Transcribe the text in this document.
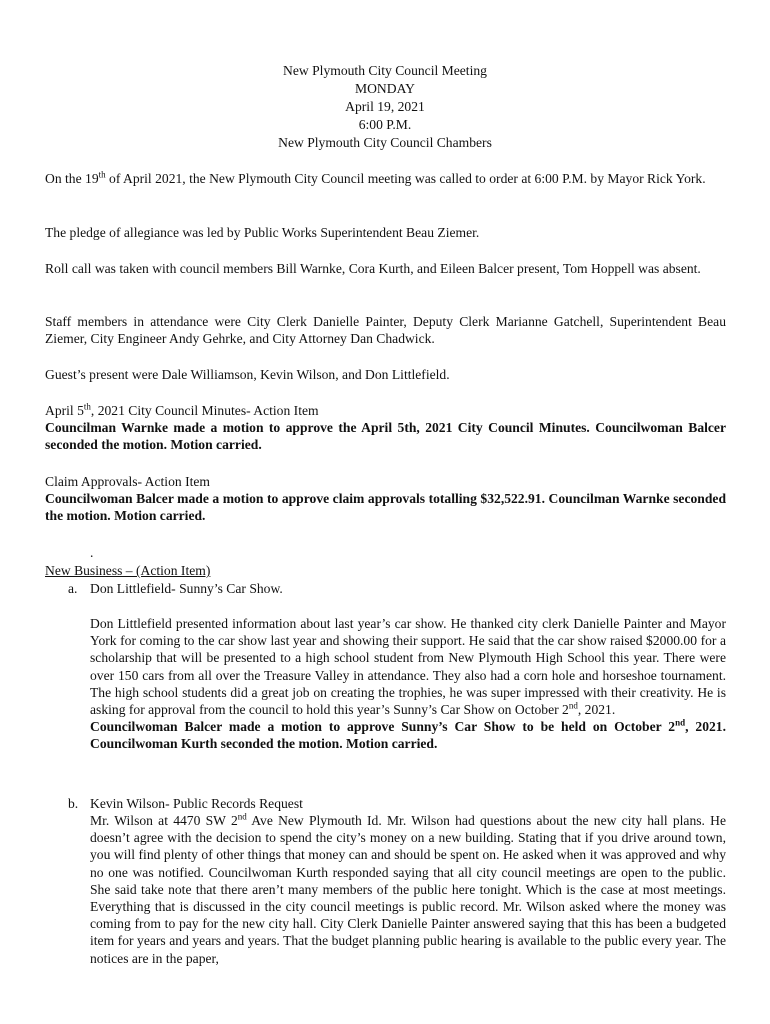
New Plymouth City Council Meeting
MONDAY
April 19, 2021
6:00 P.M.
New Plymouth City Council Chambers
On the 19th of April 2021, the New Plymouth City Council meeting was called to order at 6:00 P.M. by Mayor Rick York.
The pledge of allegiance was led by Public Works Superintendent Beau Ziemer.
Roll call was taken with council members Bill Warnke, Cora Kurth, and Eileen Balcer present, Tom Hoppell was absent.
Staff members in attendance were City Clerk Danielle Painter, Deputy Clerk Marianne Gatchell, Superintendent Beau Ziemer, City Engineer Andy Gehrke, and City Attorney Dan Chadwick.
Guest’s present were Dale Williamson, Kevin Wilson, and Don Littlefield.
April 5th, 2021 City Council Minutes- Action Item
Councilman Warnke made a motion to approve the April 5th, 2021 City Council Minutes. Councilwoman Balcer seconded the motion. Motion carried.
Claim Approvals- Action Item
Councilwoman Balcer made a motion to approve claim approvals totalling $32,522.91. Councilman Warnke seconded the motion. Motion carried.
.
New Business – (Action Item)
a. Don Littlefield- Sunny’s Car Show.
Don Littlefield presented information about last year’s car show. He thanked city clerk Danielle Painter and Mayor York for coming to the car show last year and showing their support. He said that the car show raised $2000.00 for a scholarship that will be presented to a high school student from New Plymouth High School this year. There were over 150 cars from all over the Treasure Valley in attendance. They also had a corn hole and horseshoe tournament. The high school students did a great job on creating the trophies, he was super impressed with their creativity. He is asking for approval from the council to hold this year’s Sunny’s Car Show on October 2nd, 2021.
Councilwoman Balcer made a motion to approve Sunny’s Car Show to be held on October 2nd, 2021. Councilwoman Kurth seconded the motion. Motion carried.
b. Kevin Wilson- Public Records Request
Mr. Wilson at 4470 SW 2nd Ave New Plymouth Id. Mr. Wilson had questions about the new city hall plans. He doesn’t agree with the decision to spend the city’s money on a new building. Stating that if you drive around town, you will find plenty of other things that money can and should be spent on. He asked when it was approved and why no one was notified. Councilwoman Kurth responded saying that all city council meetings are open to the public. She said take note that there aren’t many members of the public here tonight. Which is the case at most meetings. Everything that is discussed in the city council meetings is public record. Mr. Wilson asked where the money was coming from to pay for the new city hall. City Clerk Danielle Painter answered saying that this has been a budgeted item for years and years and years. That the budget planning public hearing is available to the public every year. The notices are in the paper,
